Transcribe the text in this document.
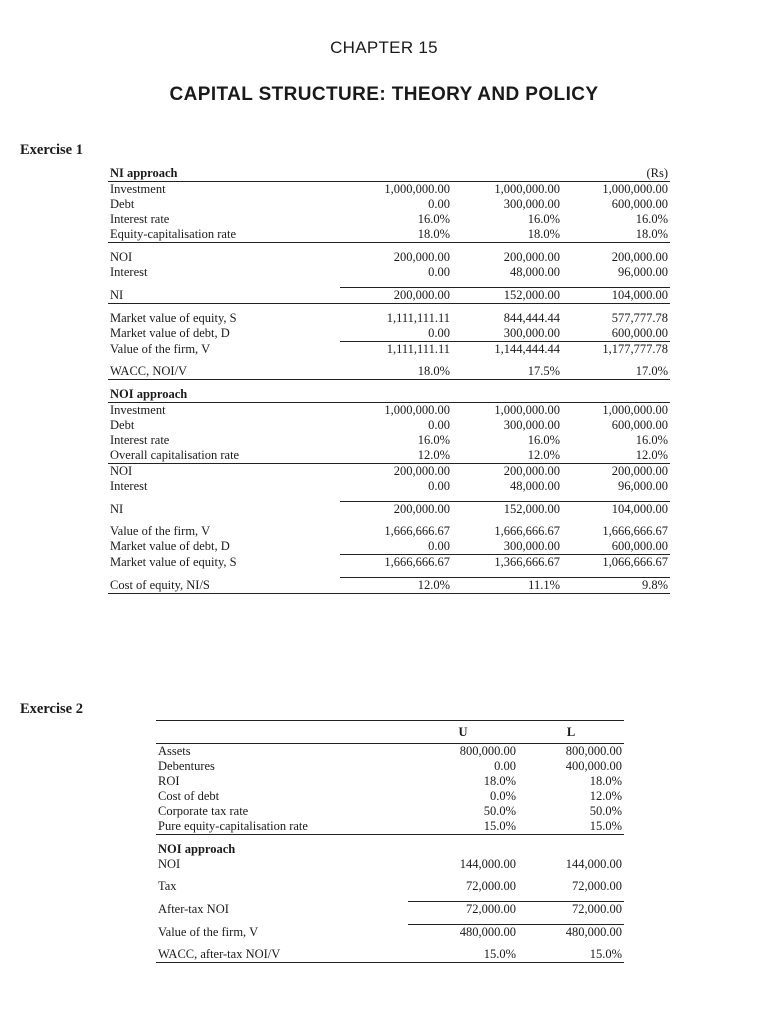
CHAPTER 15
CAPITAL STRUCTURE: THEORY AND POLICY
Exercise 1
NI approach			(Rs)
Investment	1,000,000.00	1,000,000.00	1,000,000.00
Debt	0.00	300,000.00	600,000.00
Interest rate	16.0%	16.0%	16.0%
Equity-capitalisation rate	18.0%	18.0%	18.0%

NOI	200,000.00	200,000.00	200,000.00
Interest	0.00	48,000.00	96,000.00

NI	200,000.00	152,000.00	104,000.00

Market value of equity, S	1,111,111.11	844,444.44	577,777.78
Market value of debt, D	0.00	300,000.00	600,000.00
Value of the firm, V	1,111,111.11	1,144,444.44	1,177,777.78

WACC, NOI/V	18.0%	17.5%	17.0%

NOI approach			
Investment	1,000,000.00	1,000,000.00	1,000,000.00
Debt	0.00	300,000.00	600,000.00
Interest rate	16.0%	16.0%	16.0%
Overall capitalisation rate	12.0%	12.0%	12.0%
NOI	200,000.00	200,000.00	200,000.00
Interest	0.00	48,000.00	96,000.00

NI	200,000.00	152,000.00	104,000.00

Value of the firm, V	1,666,666.67	1,666,666.67	1,666,666.67
Market value of debt, D	0.00	300,000.00	600,000.00
Market value of equity, S	1,666,666.67	1,366,666.67	1,066,666.67

Cost of equity, NI/S	12.0%	11.1%	9.8%
Exercise 2
	U	L
Assets	800,000.00	800,000.00
Debentures	0.00	400,000.00
ROI	18.0%	18.0%
Cost of debt	0.0%	12.0%
Corporate tax rate	50.0%	50.0%
Pure equity-capitalisation rate	15.0%	15.0%

NOI approach		
NOI	144,000.00	144,000.00

Tax	72,000.00	72,000.00

After-tax NOI	72,000.00	72,000.00

Value of the firm, V	480,000.00	480,000.00

WACC, after-tax NOI/V	15.0%	15.0%
